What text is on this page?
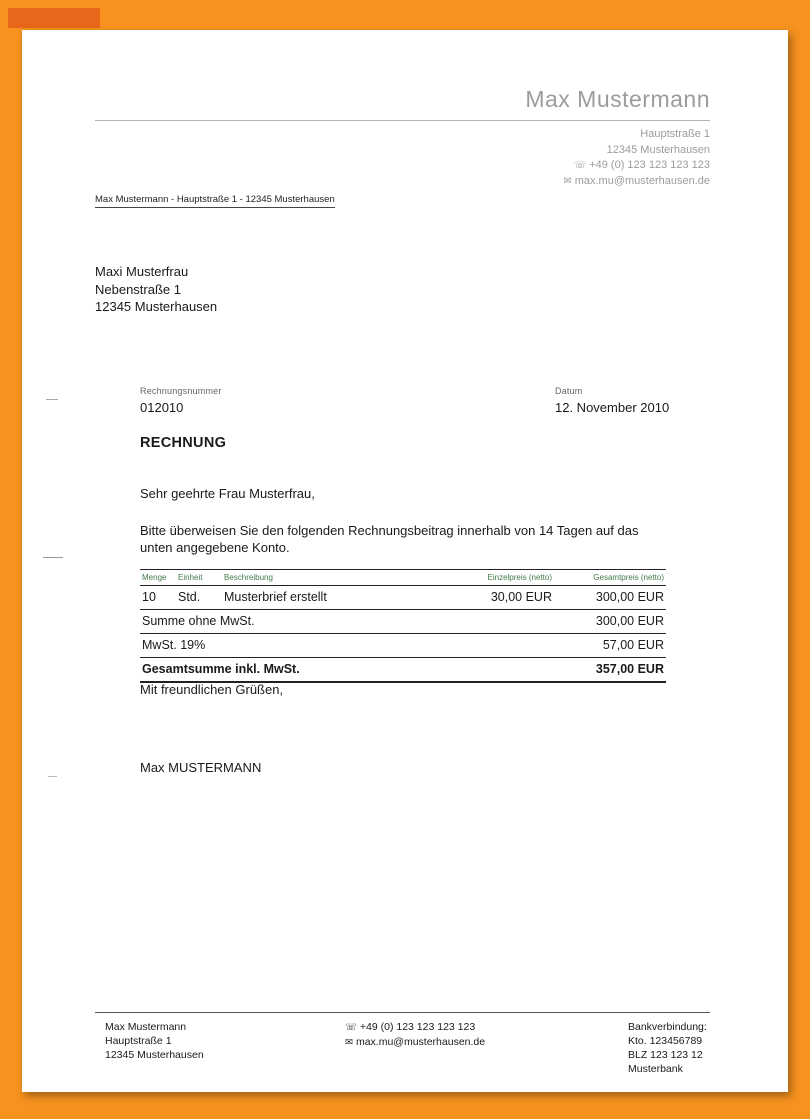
Max Mustermann
Hauptstraße 1
12345 Musterhausen
☏ +49 (0) 123 123 123 123
✉ max.mu@musterhausen.de
Max Mustermann - Hauptstraße 1 - 12345 Musterhausen
Maxi Musterfrau
Nebenstraße 1
12345 Musterhausen
Rechnungsnummer
012010
Datum
12. November 2010
RECHNUNG
Sehr geehrte Frau Musterfrau,
Bitte überweisen Sie den folgenden Rechnungsbeitrag innerhalb von 14 Tagen auf das unten angegebene Konto.
Menge	Einheit	Beschreibung	Einzelpreis (netto)	Gesamtpreis (netto)
10	Std.	Musterbrief erstellt	30,00 EUR	300,00 EUR
Summe ohne MwSt.	300,00 EUR
MwSt. 19%	57,00 EUR
Gesamtsumme inkl. MwSt.	357,00 EUR
Mit freundlichen Grüßen,
Max MUSTERMANN
Max Mustermann
Hauptstraße 1
12345 Musterhausen
☏ +49 (0) 123 123 123 123
✉ max.mu@musterhausen.de
Bankverbindung:
Kto. 123456789
BLZ 123 123 12
Musterbank
